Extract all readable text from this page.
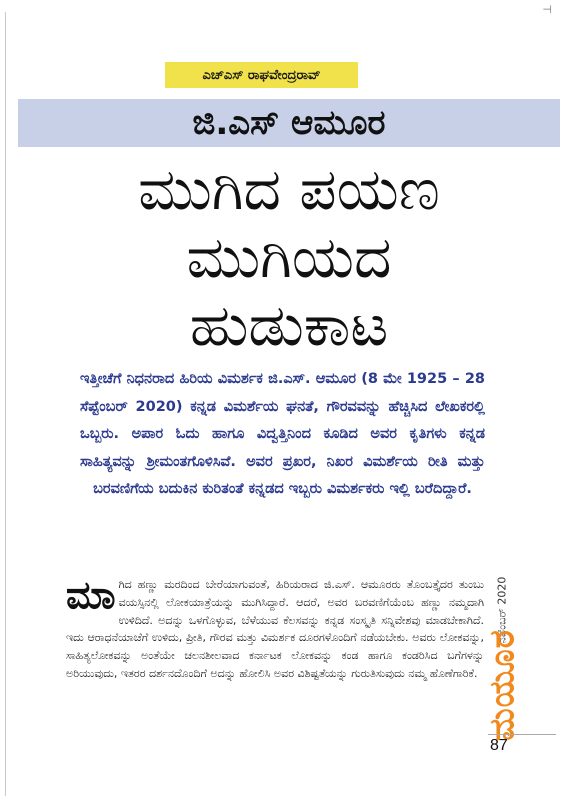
⊣
ಎಚ್ಎಸ್ ರಾಘವೇಂದ್ರರಾವ್
ಜಿ.ಎಸ್ ಆಮೂರ
ಮುಗಿದ ಪಯಣ
ಮುಗಿಯದ
ಹುಡುಕಾಟ
ಇತ್ತೀಚೆಗೆ ನಿಧನರಾದ ಹಿರಿಯ ವಿಮರ್ಶಕ ಜಿ.ಎಸ್. ಆಮೂರ (8 ಮೇ 1925 – 28 ಸೆಪ್ಟೆಂಬರ್ 2020) ಕನ್ನಡ ವಿಮರ್ಶೆಯ ಘನತೆ, ಗೌರವವನ್ನು ಹೆಚ್ಚಿಸಿದ ಲೇಖಕರಲ್ಲಿ ಒಬ್ಬರು. ಅಪಾರ ಓದು ಹಾಗೂ ವಿದ್ವತ್ತಿನಿಂದ ಕೂಡಿದ ಅವರ ಕೃತಿಗಳು ಕನ್ನಡ ಸಾಹಿತ್ಯವನ್ನು ಶ್ರೀಮಂತಗೊಳಿಸಿವೆ. ಅವರ ಪ್ರಖರ, ನಿಖರ ವಿಮರ್ಶೆಯ ರೀತಿ ಮತ್ತು ಬರವಣಿಗೆಯ ಬದುಕಿನ ಕುರಿತಂತೆ ಕನ್ನಡದ ಇಬ್ಬರು ವಿಮರ್ಶಕರು ಇಲ್ಲಿ ಬರೆದಿದ್ದಾರೆ.
ಮಾ ಗಿದ ಹಣ್ಣು ಮರದಿಂದ ಬೇರೆಯಾಗುವಂತೆ, ಹಿರಿಯರಾದ ಜಿ.ಎಸ್. ಆಮೂರರು ತೊಂಬತ್ತೈದರ ತುಂಬು ವಯಸ್ಸಿನಲ್ಲಿ ಲೋಕಯಾತ್ರೆಯನ್ನು ಮುಗಿಸಿದ್ದಾರೆ. ಆದರೆ, ಅವರ ಬರವಣಿಗೆಯೆಂಬ ಹಣ್ಣು ನಮ್ಮದಾಗಿ ಉಳಿದಿದೆ. ಅದನ್ನು ಒಳಗೊಳ್ಳುವ, ಬೆಳೆಯುವ ಕೆಲಸವನ್ನು ಕನ್ನಡ ಸಂಸ್ಕೃತಿ ಸನ್ನಿವೇಶವು ಮಾಡಬೇಕಾಗಿದೆ. ಇದು ಆರಾಧನೆಯಾಚೆಗೆ ಉಳಿದು, ಪ್ರೀತಿ, ಗೌರವ ಮತ್ತು ವಿಮರ್ಶಕ ದೂರಗಳೊಂದಿಗೆ ನಡೆಯಬೇಕು. ಅವರು ಲೋಕವನ್ನು, ಸಾಹಿತ್ಯಲೋಕವನ್ನು ಅಂತೆಯೇ ಚಲನಶೀಲವಾದ ಕರ್ನಾಟಕ ಲೋಕವನ್ನು ಕಂಡ ಹಾಗೂ ಕಂಡರಿಸಿದ ಬಗೆಗಳನ್ನು ಅರಿಯುವುದು, ಇತರರ ದರ್ಶನದೊಂದಿಗೆ ಅದನ್ನು ಹೋಲಿಸಿ ಅವರ ವಿಶಿಷ್ಟತೆಯನ್ನು ಗುರುತಿಸುವುದು ನಮ್ಮ ಹೊಣೆಗಾರಿಕೆ.
ನವೆಂಬರ್ 2020
ಮಯೂರ
87
